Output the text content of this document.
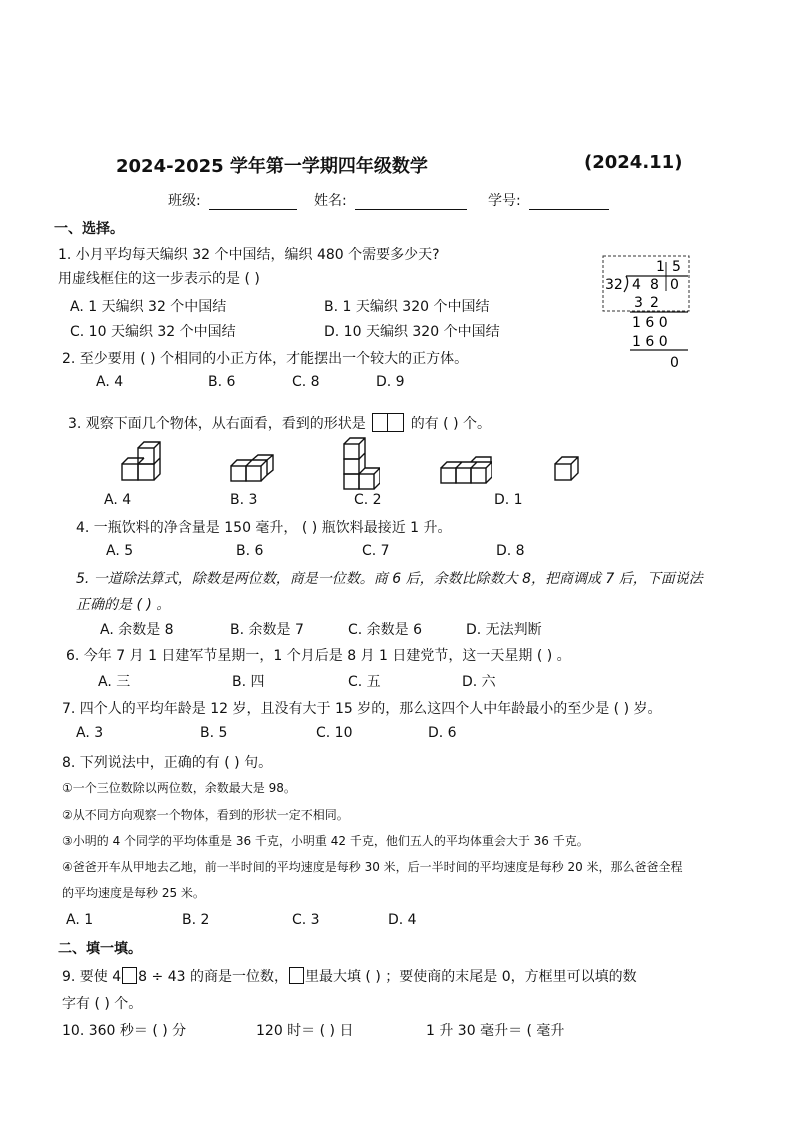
2024-2025 学年第一学期四年级数学	(2024.11)
班级:	姓名:	学号:
一、选择。
1. 小月平均每天编织 32 个中国结，编织 480 个需要多少天?
用虚线框住的这一步表示的是 ( )
A. 1 天编织 32 个中国结	B. 1 天编织 320 个中国结
C. 10 天编织 32 个中国结	D. 10 天编织 320 个中国结
1 5
32 4 8 0
3 2
1 6 0
1 6 0
0
2. 至少要用 ( ) 个相同的小正方体，才能摆出一个较大的正方体。
A. 4	B. 6	C. 8	D. 9
3. 观察下面几个物体，从右面看，看到的形状是	的有 ( ) 个。
A. 4	B. 3	C. 2	D. 1
4. 一瓶饮料的净含量是 150 毫升， ( ) 瓶饮料最接近 1 升。
A. 5	B. 6	C. 7	D. 8
5. 一道除法算式，除数是两位数，商是一位数。商 6 后，余数比除数大 8，把商调成 7 后，下面说法
正确的是 ( ) 。
A. 余数是 8	B. 余数是 7	C. 余数是 6	D. 无法判断
6. 今年 7 月 1 日建军节星期一，1 个月后是 8 月 1 日建党节，这一天星期 ( ) 。
A. 三	B. 四	C. 五	D. 六
7. 四个人的平均年龄是 12 岁，且没有大于 15 岁的，那么这四个人中年龄最小的至少是 ( ) 岁。
A. 3	B. 5	C. 10	D. 6
8. 下列说法中，正确的有 ( ) 句。
①一个三位数除以两位数，余数最大是 98。
②从不同方向观察一个物体，看到的形状一定不相同。
③小明的 4 个同学的平均体重是 36 千克，小明重 42 千克，他们五人的平均体重会大于 36 千克。
④爸爸开车从甲地去乙地，前一半时间的平均速度是每秒 30 米，后一半时间的平均速度是每秒 20 米，那么爸爸全程
的平均速度是每秒 25 米。
A. 1	B. 2	C. 3	D. 4
二、填一填。
9. 要使 4 8 ÷ 43 的商是一位数， 里最大填 ( ) ；要使商的末尾是 0，方框里可以填的数
字有 ( ) 个。
10. 360 秒＝ ( ) 分	120 时＝ ( ) 日	1 升 30 毫升＝ ( 毫升
